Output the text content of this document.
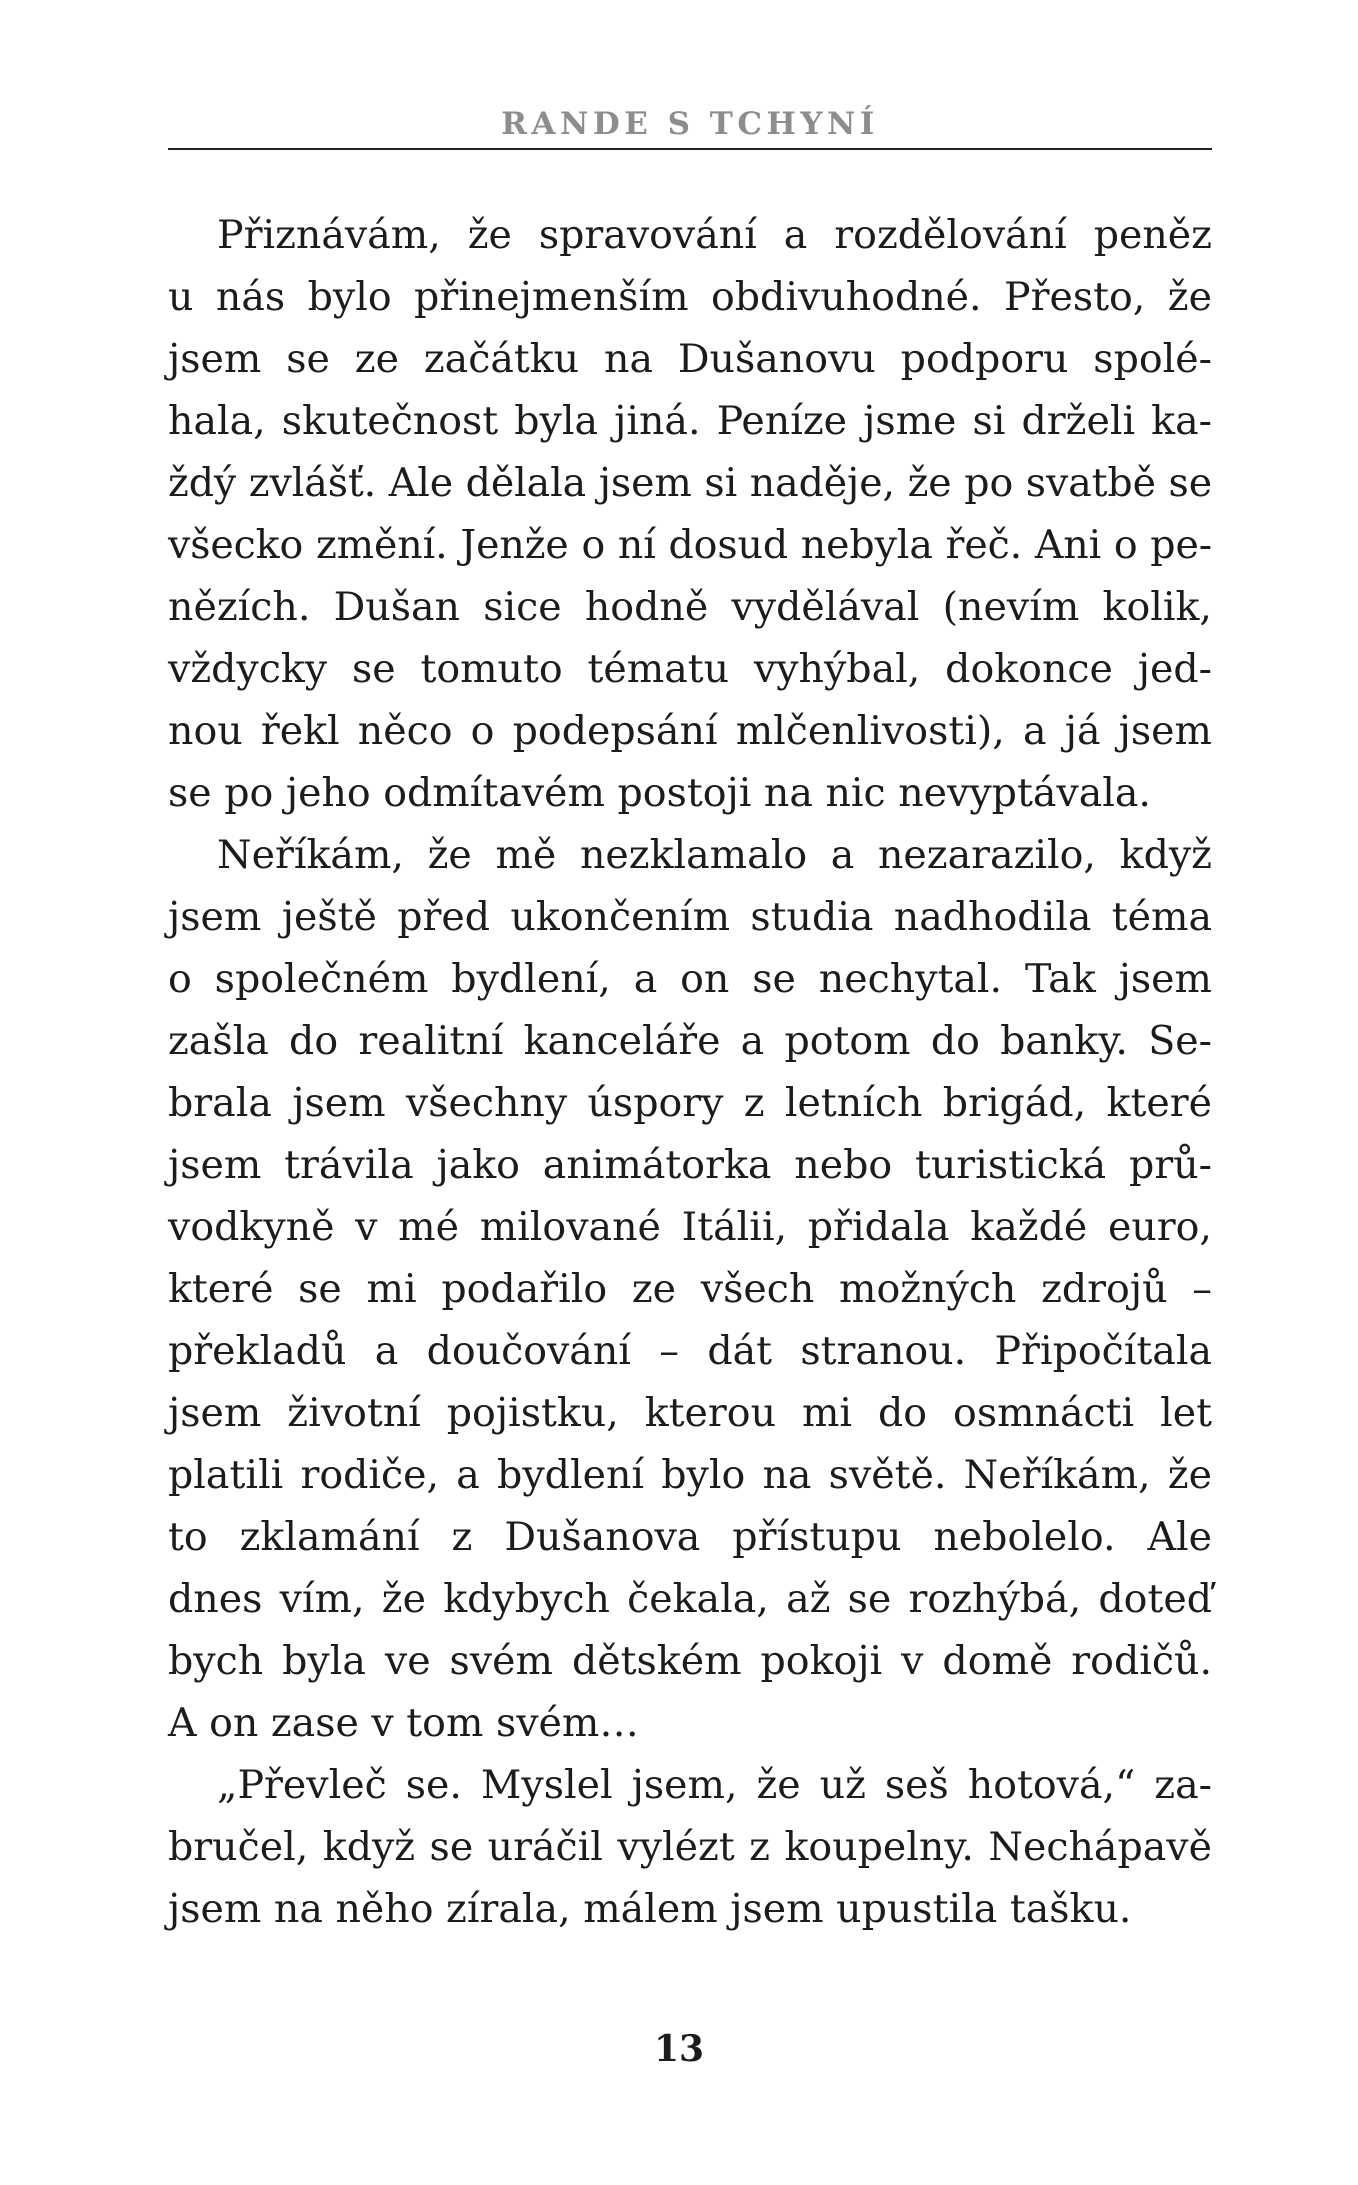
RANDE S TCHYNÍ
Přiznávám, že spravování a rozdělování peněz
u nás bylo přinejmenším obdivuhodné. Přesto, že
jsem se ze začátku na Dušanovu podporu spolé-
hala, skutečnost byla jiná. Peníze jsme si drželi ka-
ždý zvlášť. Ale dělala jsem si naděje, že po svatbě se
všecko změní. Jenže o ní dosud nebyla řeč. Ani o pe-
nězích. Dušan sice hodně vydělával (nevím kolik,
vždycky se tomuto tématu vyhýbal, dokonce jed-
nou řekl něco o podepsání mlčenlivosti), a já jsem
se po jeho odmítavém postoji na nic nevyptávala.
Neříkám, že mě nezklamalo a nezarazilo, když
jsem ještě před ukončením studia nadhodila téma
o společném bydlení, a on se nechytal. Tak jsem
zašla do realitní kanceláře a potom do banky. Se-
brala jsem všechny úspory z letních brigád, které
jsem trávila jako animátorka nebo turistická prů-
vodkyně v mé milované Itálii, přidala každé euro,
které se mi podařilo ze všech možných zdrojů –
překladů a doučování – dát stranou. Připočítala
jsem životní pojistku, kterou mi do osmnácti let
platili rodiče, a bydlení bylo na světě. Neříkám, že
to zklamání z Dušanova přístupu nebolelo. Ale
dnes vím, že kdybych čekala, až se rozhýbá, doteď
bych byla ve svém dětském pokoji v domě rodičů.
A on zase v tom svém…
„Převleč se. Myslel jsem, že už seš hotová,“ za-
bručel, když se uráčil vylézt z koupelny. Nechápavě
jsem na něho zírala, málem jsem upustila tašku.
13
